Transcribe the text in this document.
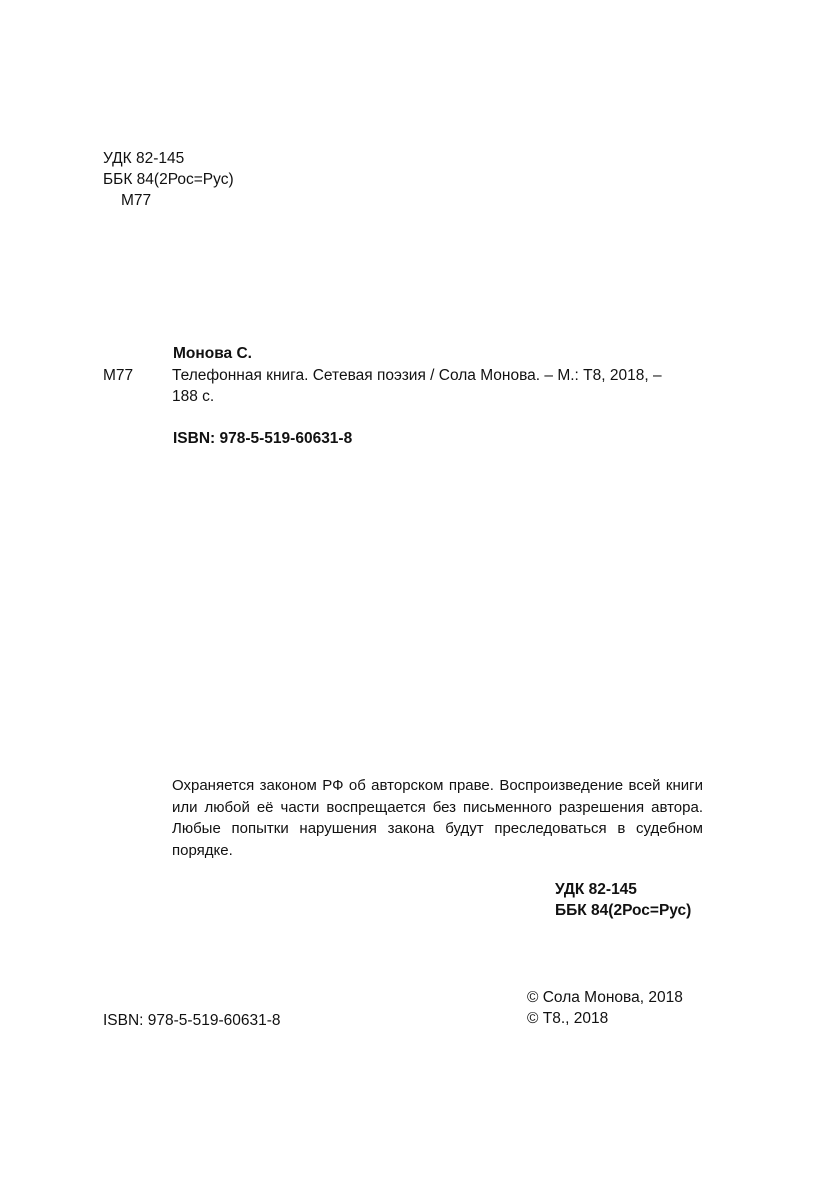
УДК 82-145
ББК 84(2Рос=Рус)
М77
Монова С.
М77	Телефонная книга. Сетевая поэзия / Сола Монова. – М.: Т8, 2018, –
188 с.
ISBN: 978-5-519-60631-8
Охраняется законом РФ об авторском праве. Воспроизведение всей книги
или любой её части воспрещается без письменного разрешения автора.
Любые попытки нарушения закона будут преследоваться в судебном порядке.
УДК 82-145
ББК 84(2Рос=Рус)
© Сола Монова, 2018
© Т8., 2018
ISBN: 978-5-519-60631-8
